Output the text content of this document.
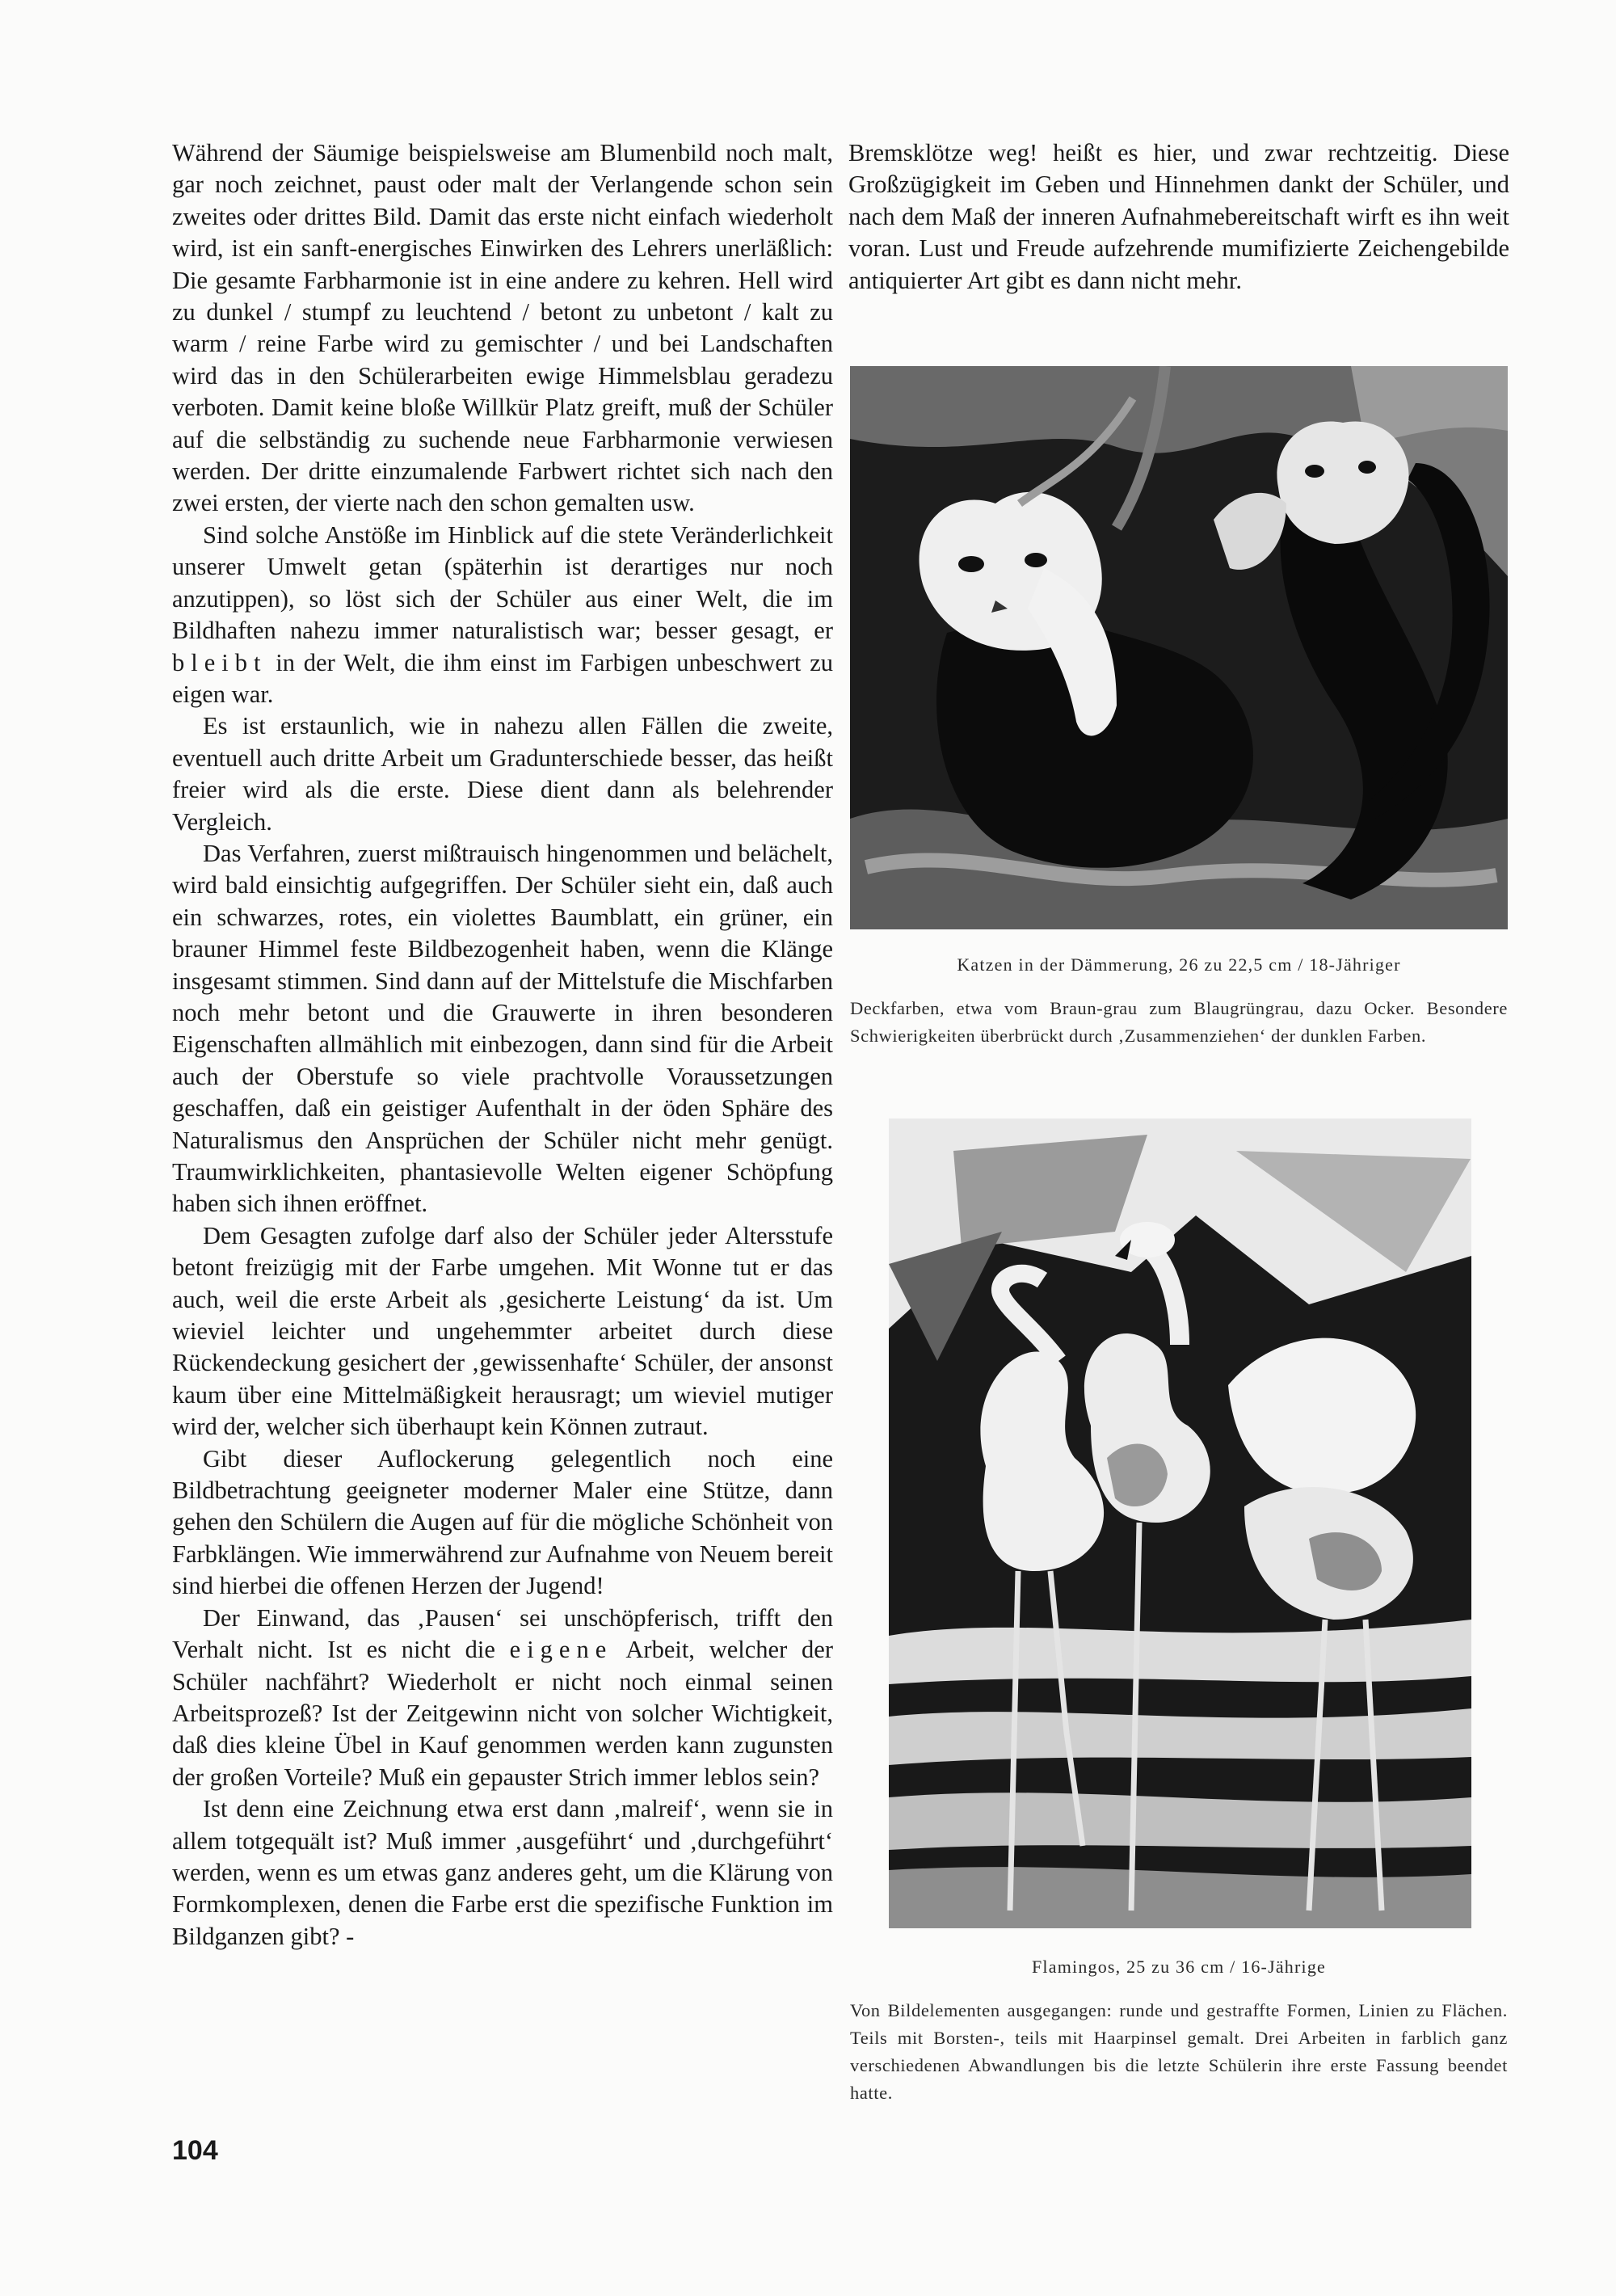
Während der Säumige beispielsweise am Blumenbild noch malt, gar noch zeichnet, paust oder malt der Verlangende schon sein zweites oder drittes Bild. Damit das erste nicht einfach wiederholt wird, ist ein sanft-energisches Einwirken des Lehrers unerläßlich: Die gesamte Farbharmonie ist in eine andere zu kehren. Hell wird zu dunkel / stumpf zu leuchtend / betont zu unbetont / kalt zu warm / reine Farbe wird zu gemischter / und bei Landschaften wird das in den Schülerarbeiten ewige Himmelsblau geradezu verboten. Damit keine bloße Willkür Platz greift, muß der Schüler auf die selbständig zu suchende neue Farbharmonie verwiesen werden. Der dritte einzumalende Farbwert richtet sich nach den zwei ersten, der vierte nach den schon gemalten usw.

Sind solche Anstöße im Hinblick auf die stete Veränderlichkeit unserer Umwelt getan (späterhin ist derartiges nur noch anzutippen), so löst sich der Schüler aus einer Welt, die im Bildhaften nahezu immer naturalistisch war; besser gesagt, er bleibt in der Welt, die ihm einst im Farbigen unbeschwert zu eigen war.

Es ist erstaunlich, wie in nahezu allen Fällen die zweite, eventuell auch dritte Arbeit um Gradunterschiede besser, das heißt freier wird als die erste. Diese dient dann als belehrender Vergleich.

Das Verfahren, zuerst mißtrauisch hingenommen und belächelt, wird bald einsichtig aufgegriffen. Der Schüler sieht ein, daß auch ein schwarzes, rotes, ein violettes Baumblatt, ein grüner, ein brauner Himmel feste Bildbezogenheit haben, wenn die Klänge insgesamt stimmen. Sind dann auf der Mittelstufe die Mischfarben noch mehr betont und die Grauwerte in ihren besonderen Eigenschaften allmählich mit einbezogen, dann sind für die Arbeit auch der Oberstufe so viele prachtvolle Voraussetzungen geschaffen, daß ein geistiger Aufenthalt in der öden Sphäre des Naturalismus den Ansprüchen der Schüler nicht mehr genügt. Traumwirklichkeiten, phantasievolle Welten eigener Schöpfung haben sich ihnen eröffnet.

Dem Gesagten zufolge darf also der Schüler jeder Altersstufe betont freizügig mit der Farbe umgehen. Mit Wonne tut er das auch, weil die erste Arbeit als ‚gesicherte Leistung‘ da ist. Um wieviel leichter und ungehemmter arbeitet durch diese Rückendeckung gesichert der ‚gewissenhafte‘ Schüler, der ansonst kaum über eine Mittelmäßigkeit herausragt; um wieviel mutiger wird der, welcher sich überhaupt kein Können zutraut.

Gibt dieser Auflockerung gelegentlich noch eine Bildbetrachtung geeigneter moderner Maler eine Stütze, dann gehen den Schülern die Augen auf für die mögliche Schönheit von Farbklängen. Wie immerwährend zur Aufnahme von Neuem bereit sind hierbei die offenen Herzen der Jugend!

Der Einwand, das ‚Pausen‘ sei unschöpferisch, trifft den Verhalt nicht. Ist es nicht die eigene Arbeit, welcher der Schüler nachfährt? Wiederholt er nicht noch einmal seinen Arbeitsprozeß? Ist der Zeitgewinn nicht von solcher Wichtigkeit, daß dies kleine Übel in Kauf genommen werden kann zugunsten der großen Vorteile? Muß ein gepauster Strich immer leblos sein?

Ist denn eine Zeichnung etwa erst dann ‚malreif‘, wenn sie in allem totgequält ist? Muß immer ‚ausgeführt‘ und ‚durchgeführt‘ werden, wenn es um etwas ganz anderes geht, um die Klärung von Formkomplexen, denen die Farbe erst die spezifische Funktion im Bildganzen gibt? -

Bremsklötze weg! heißt es hier, und zwar rechtzeitig. Diese Großzügigkeit im Geben und Hinnehmen dankt der Schüler, und nach dem Maß der inneren Aufnahmebereitschaft wirft es ihn weit voran. Lust und Freude aufzehrende mumifizierte Zeichengebilde antiquierter Art gibt es dann nicht mehr.

Katzen in der Dämmerung, 26 zu 22,5 cm / 18-Jähriger
Deckfarben, etwa vom Braun-grau zum Blaugrüngrau, dazu Ocker. Besondere Schwierigkeiten überbrückt durch ‚Zusammenziehen‘ der dunklen Farben.
Flamingos, 25 zu 36 cm / 16-Jährige
Von Bildelementen ausgegangen: runde und gestraffte Formen, Linien zu Flächen. Teils mit Borsten-, teils mit Haarpinsel gemalt. Drei Arbeiten in farblich ganz verschiedenen Abwandlungen bis die letzte Schülerin ihre erste Fassung beendet hatte.
104
